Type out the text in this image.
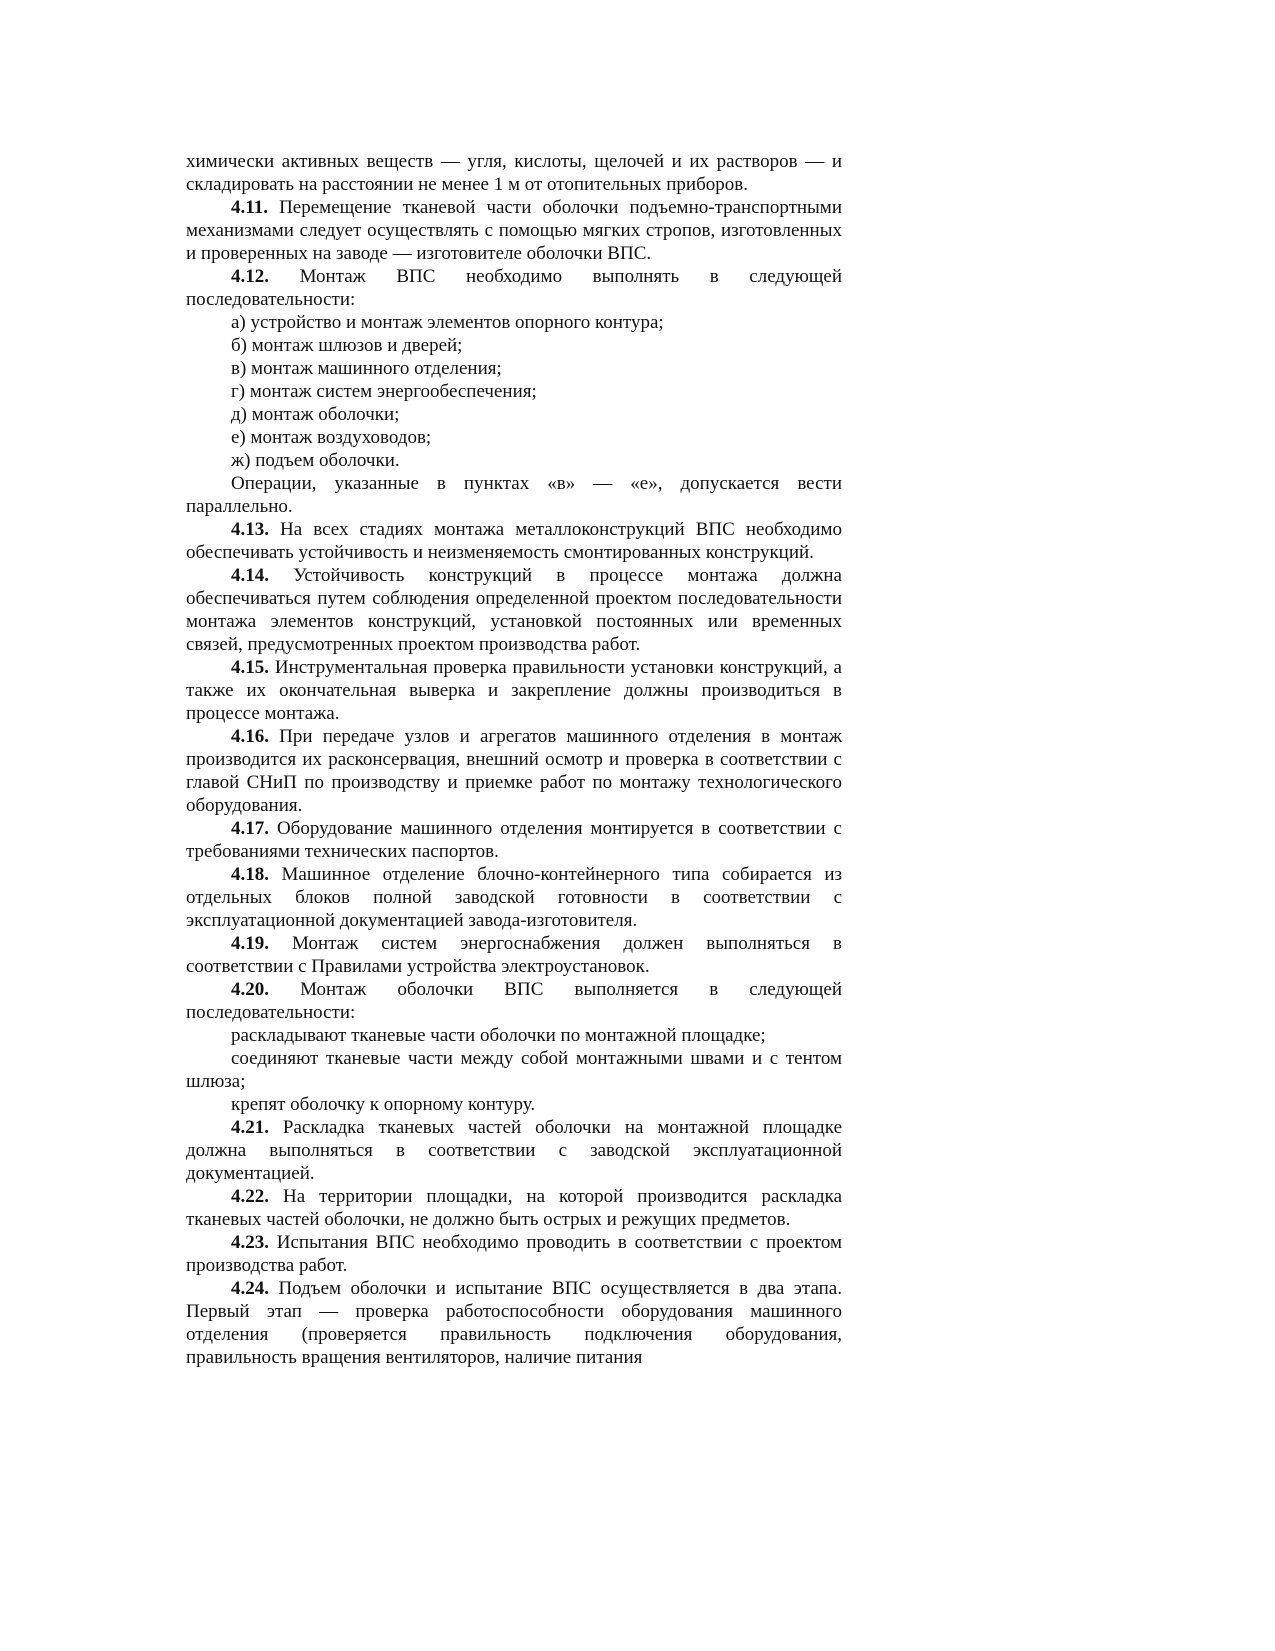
химически активных веществ — угля, кислоты, щелочей и их растворов — и складировать на расстоянии не менее 1 м от отопительных приборов.

4.11. Перемещение тканевой части оболочки подъемно-транспортными механизмами следует осуществлять с помощью мягких стропов, изготовленных и проверенных на заводе — изготовителе оболочки ВПС.

4.12. Монтаж ВПС необходимо выполнять в следующей последовательности:

а) устройство и монтаж элементов опорного контура;

б) монтаж шлюзов и дверей;

в) монтаж машинного отделения;

г) монтаж систем энергообеспечения;

д) монтаж оболочки;

е) монтаж воздуховодов;

ж) подъем оболочки.

Операции, указанные в пунктах «в» — «е», допускается вести параллельно.

4.13. На всех стадиях монтажа металлоконструкций ВПС необходимо обеспечивать устойчивость и неизменяемость смонтированных конструкций.

4.14. Устойчивость конструкций в процессе монтажа должна обеспечиваться путем соблюдения определенной проектом последовательности монтажа элементов конструкций, установкой постоянных или временных связей, предусмотренных проектом производства работ.

4.15. Инструментальная проверка правильности установки конструкций, а также их окончательная выверка и закрепление должны производиться в процессе монтажа.

4.16. При передаче узлов и агрегатов машинного отделения в монтаж производится их расконсервация, внешний осмотр и проверка в соответствии с главой СНиП по производству и приемке работ по монтажу технологического оборудования.

4.17. Оборудование машинного отделения монтируется в соответствии с требованиями технических паспортов.

4.18. Машинное отделение блочно-контейнерного типа собирается из отдельных блоков полной заводской готовности в соответствии с эксплуатационной документацией завода-изготовителя.

4.19. Монтаж систем энергоснабжения должен выполняться в соответствии с Правилами устройства электроустановок.

4.20. Монтаж оболочки ВПС выполняется в следующей последовательности:

раскладывают тканевые части оболочки по монтажной площадке;

соединяют тканевые части между собой монтажными швами и с тентом шлюза;

крепят оболочку к опорному контуру.

4.21. Раскладка тканевых частей оболочки на монтажной площадке должна выполняться в соответствии с заводской эксплуатационной документацией.

4.22. На территории площадки, на которой производится раскладка тканевых частей оболочки, не должно быть острых и режущих предметов.

4.23. Испытания ВПС необходимо проводить в соответствии с проектом производства работ.

4.24. Подъем оболочки и испытание ВПС осуществляется в два этапа. Первый этап — проверка работоспособности оборудования машинного отделения (проверяется правильность подключения оборудования, правильность вращения вентиляторов, наличие питания
